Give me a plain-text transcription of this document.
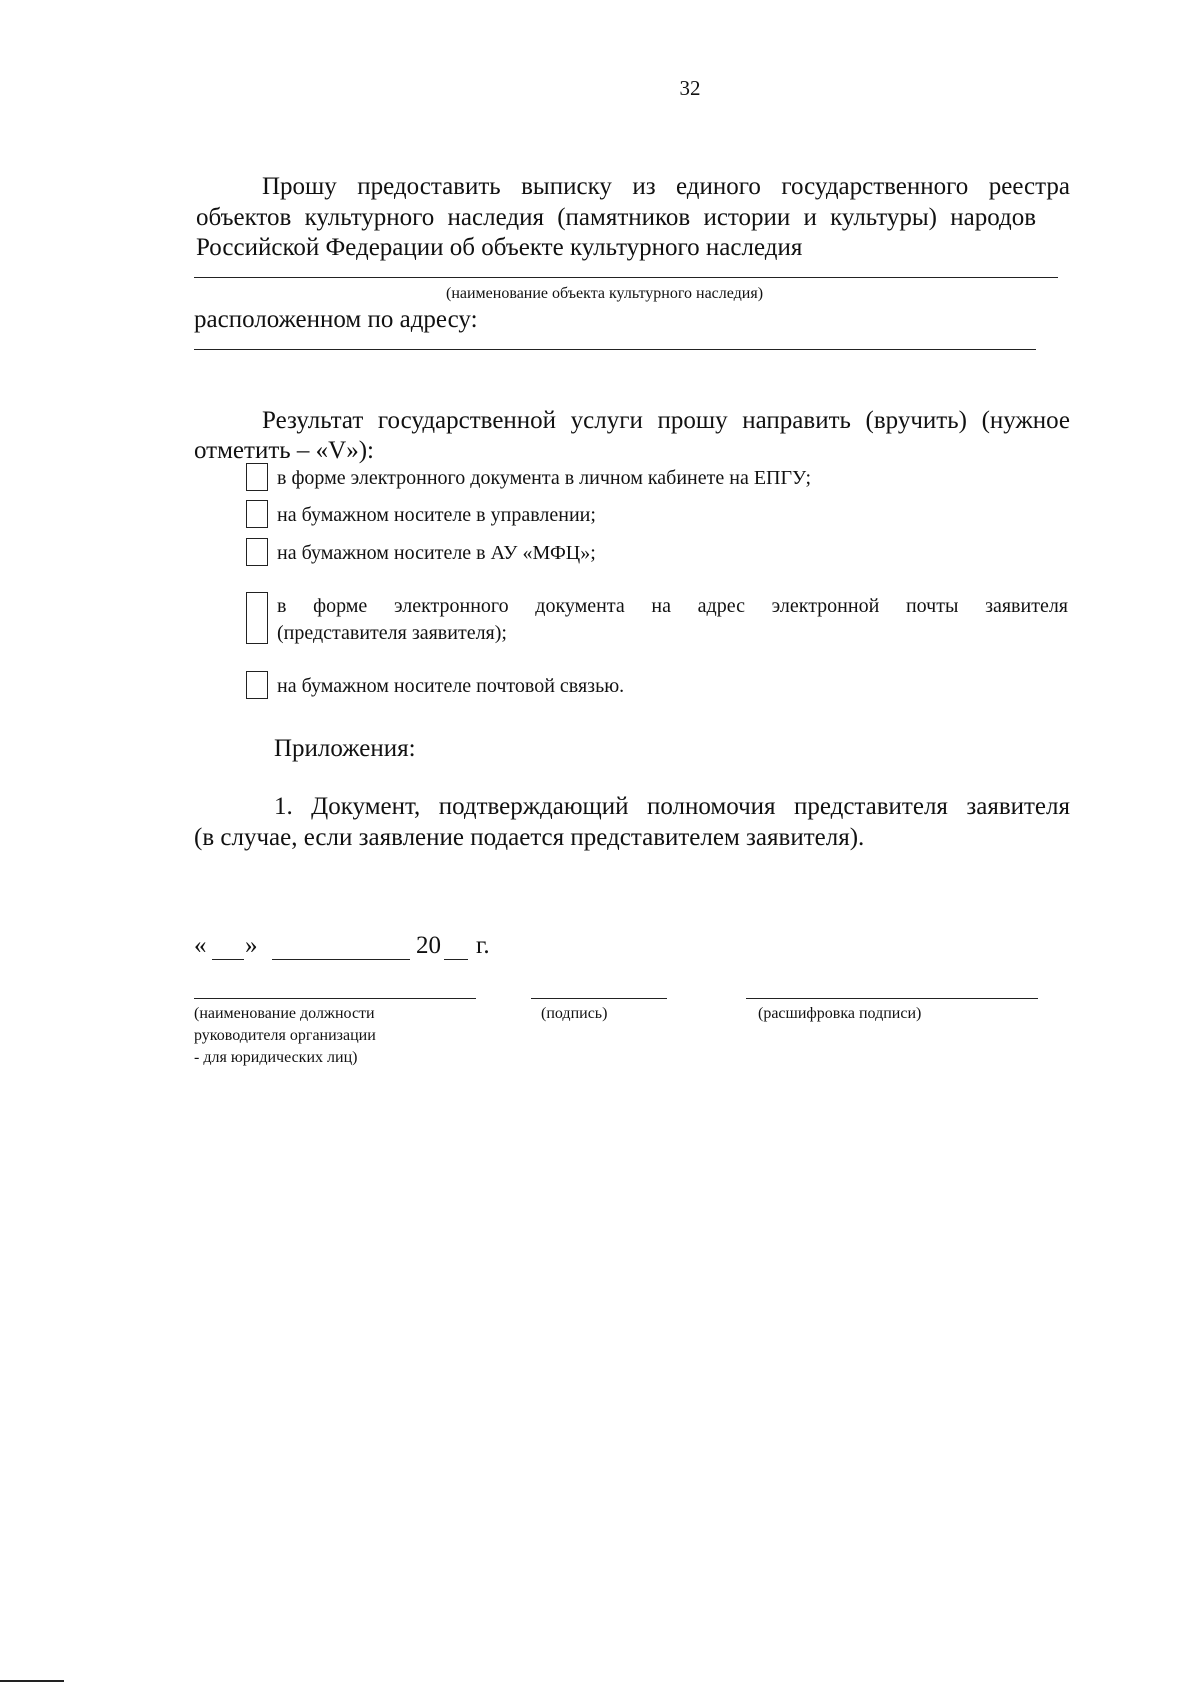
32
Прошу предоставить выписку из единого государственного реестра
объектов культурного наследия (памятников истории и культуры) народов
Российской Федерации об объекте культурного наследия
(наименование объекта культурного наследия)
расположенном по адресу:
Результат государственной услуги прошу направить (вручить) (нужное
отметить – «V»):
в форме электронного документа в личном кабинете на ЕПГУ;
на бумажном носителе в управлении;
на бумажном носителе в АУ «МФЦ»;
в форме электронного документа на адрес электронной почты заявителя
(представителя заявителя);
на бумажном носителе почтовой связью.
Приложения:
1. Документ, подтверждающий полномочия представителя заявителя
(в случае, если заявление подается представителем заявителя).
« »	20 г.
(наименование должности
руководителя организации
- для юридических лиц)
(подпись)	(расшифровка подписи)
